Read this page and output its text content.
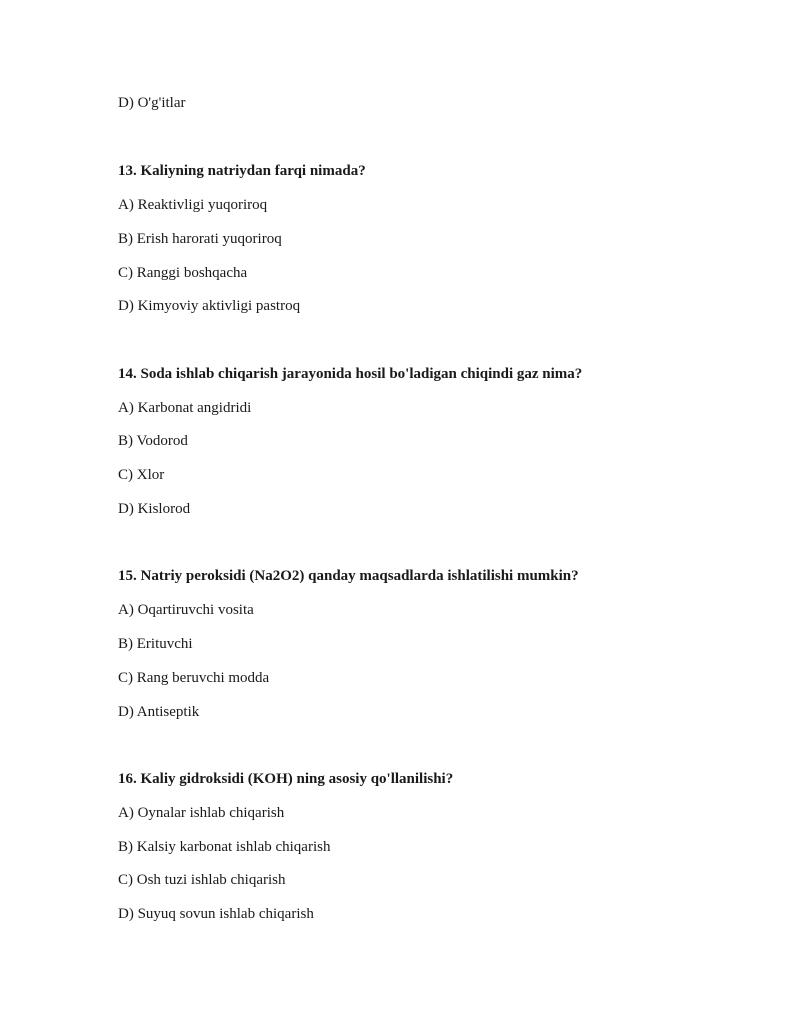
D) O'g'itlar
13. Kaliyning natriydan farqi nimada?
A) Reaktivligi yuqoriroq
B) Erish harorati yuqoriroq
C) Ranggi boshqacha
D) Kimyoviy aktivligi pastroq
14. Soda ishlab chiqarish jarayonida hosil bo'ladigan chiqindi gaz nima?
A) Karbonat angidridi
B) Vodorod
C) Xlor
D) Kislorod
15. Natriy peroksidi (Na2O2) qanday maqsadlarda ishlatilishi mumkin?
A) Oqartiruvchi vosita
B) Erituvchi
C) Rang beruvchi modda
D) Antiseptik
16. Kaliy gidroksidi (KOH) ning asosiy qo'llanilishi?
A) Oynalar ishlab chiqarish
B) Kalsiy karbonat ishlab chiqarish
C) Osh tuzi ishlab chiqarish
D) Suyuq sovun ishlab chiqarish
